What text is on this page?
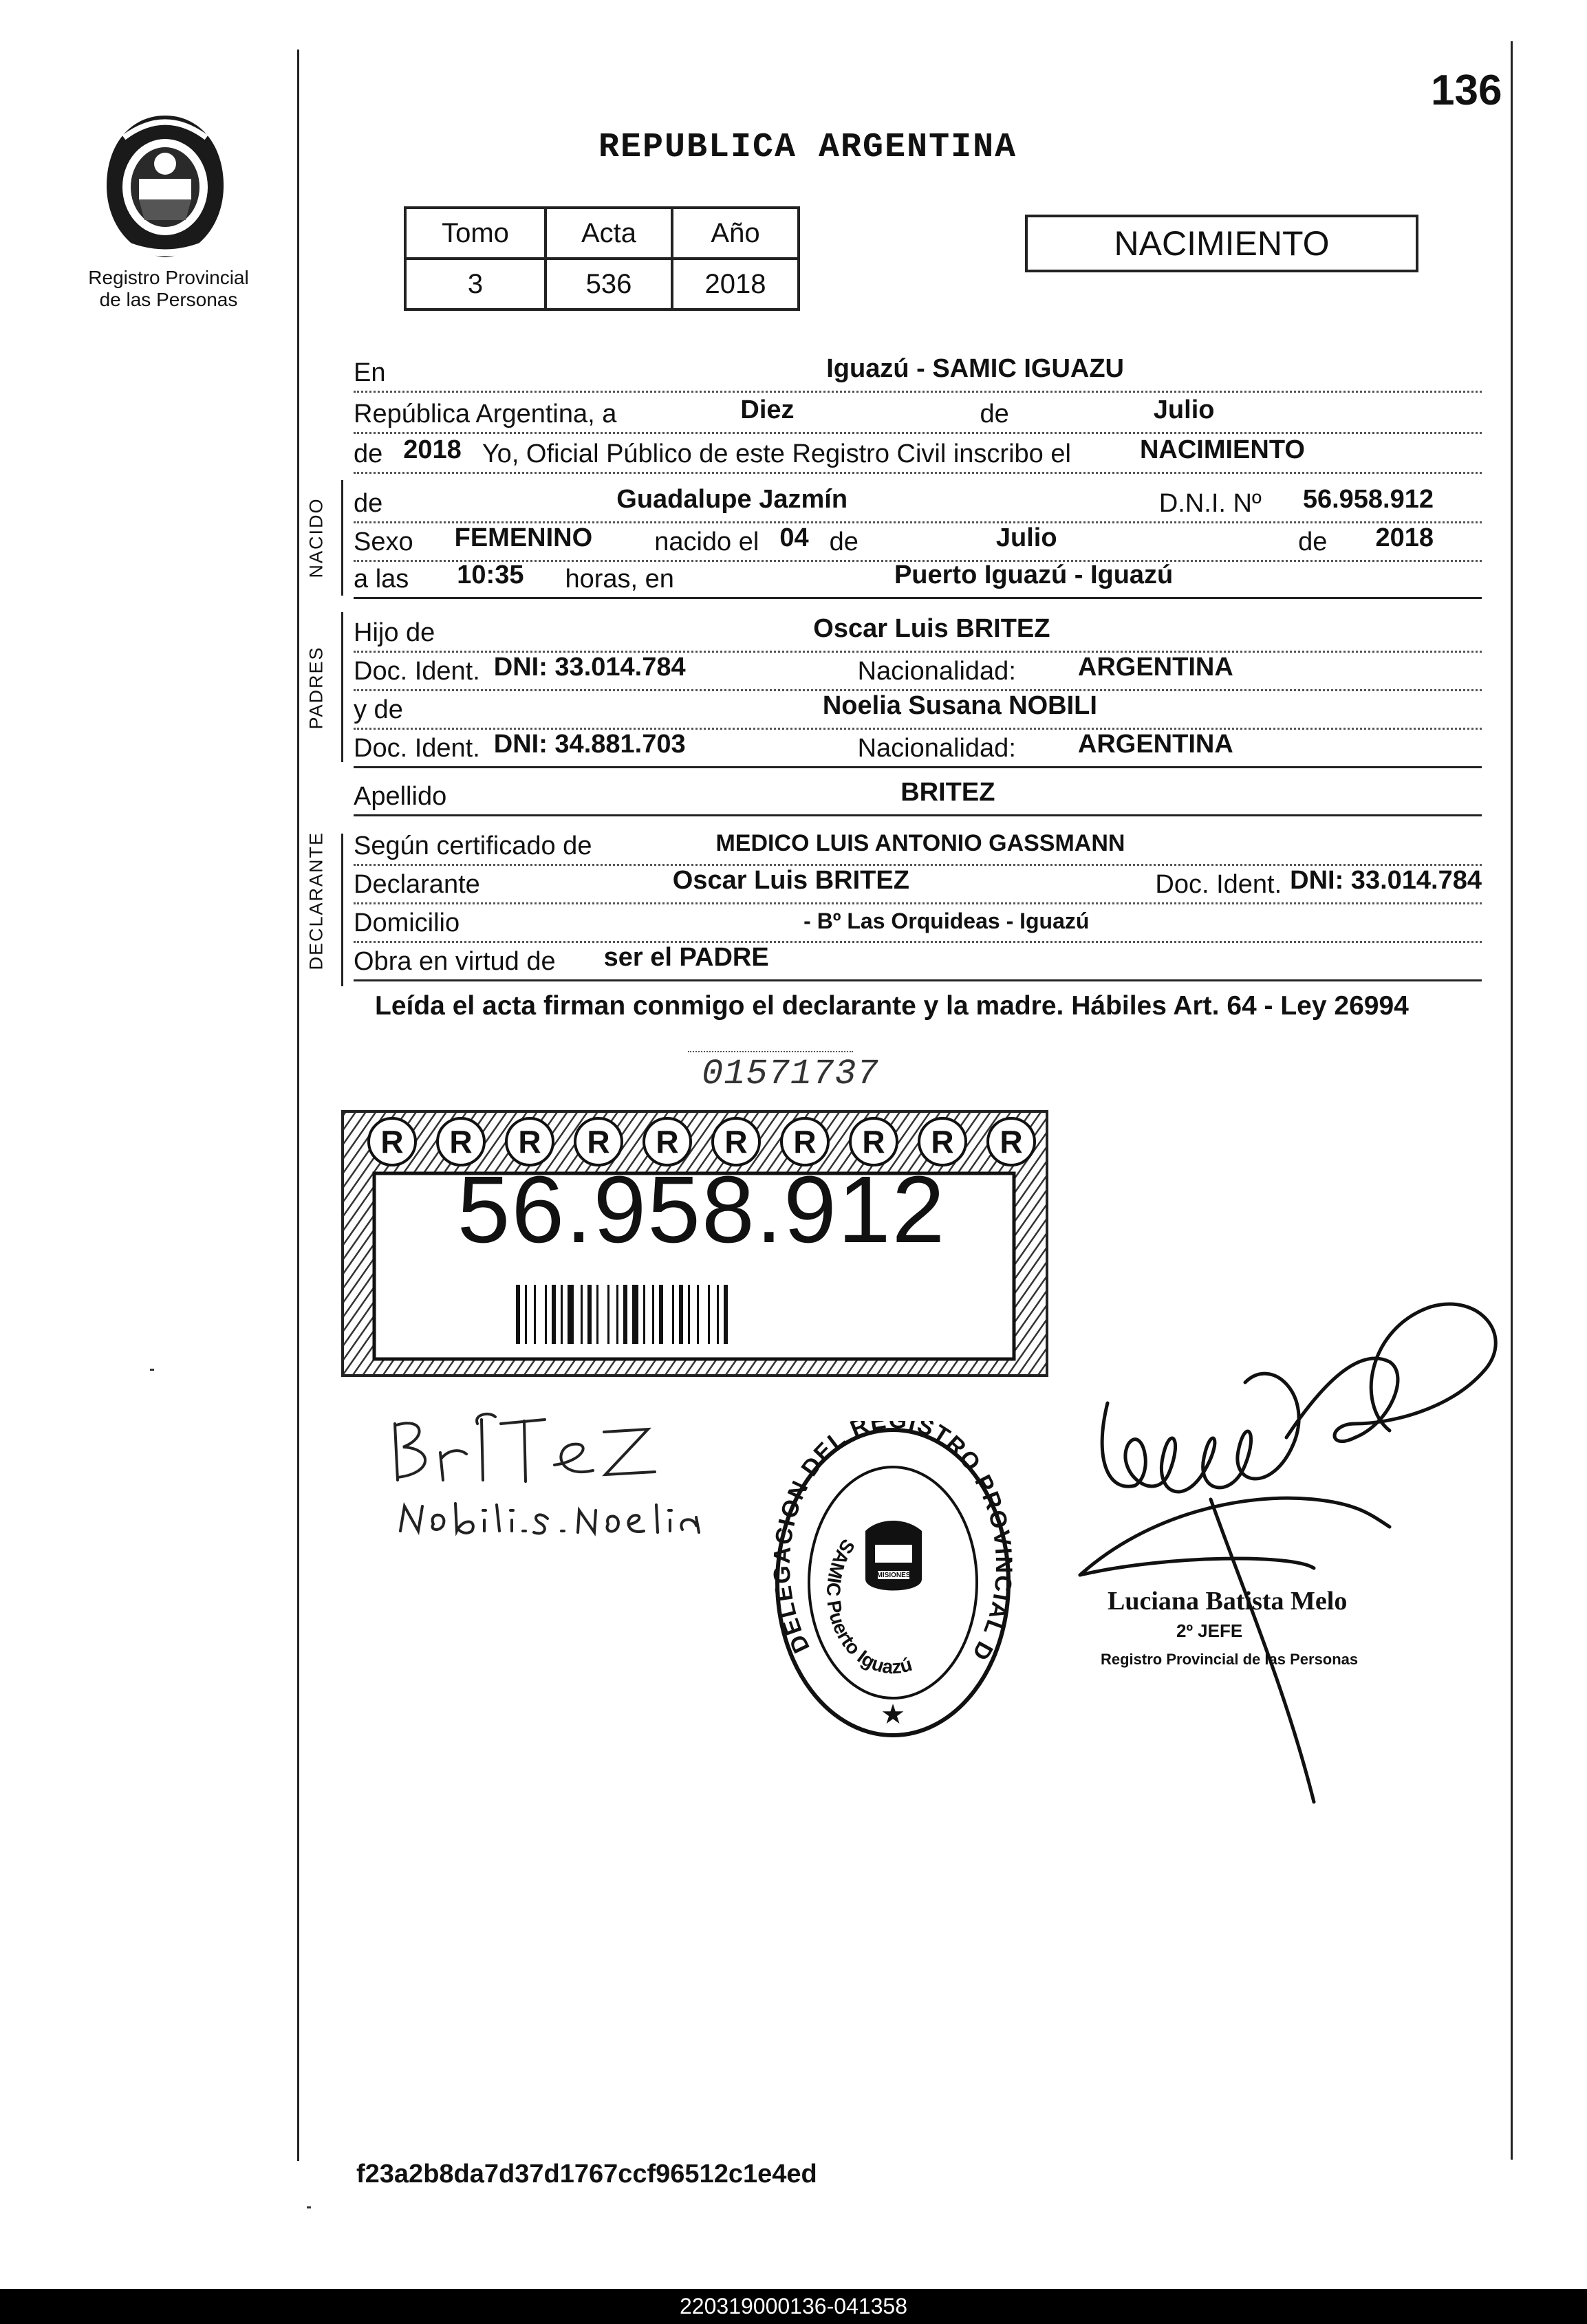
136
Registro Provincial
de las Personas
REPUBLICA ARGENTINA
Tomo	Acta	Año
3	536	2018
NACIMIENTO
En	Iguazú - SAMIC IGUAZU
República Argentina, a	Diez	de	Julio
de 2018 Yo, Oficial Público de este Registro Civil inscribo el	NACIMIENTO
NACIDO de	Guadalupe Jazmín	D.N.I. Nº 56.958.912
Sexo FEMENINO nacido el 04 de	Julio	de 2018
a las 10:35 horas, en	Puerto Iguazú - Iguazú
PADRES
Hijo de	Oscar Luis BRITEZ
Doc. Ident. DNI: 33.014.784	Nacionalidad: ARGENTINA
y de	Noelia Susana NOBILI
Doc. Ident. DNI: 34.881.703	Nacionalidad: ARGENTINA
Apellido	BRITEZ
DECLARANTE Según certificado de	MEDICO LUIS ANTONIO GASSMANN
Declarante	Oscar Luis BRITEZ	Doc. Ident. DNI: 33.014.784
Domicilio	- Bº Las Orquideas - Iguazú
Obra en virtud de ser el PADRE
Leída el acta firman conmigo el declarante y la madre. Hábiles Art. 64 - Ley 26994
01571737
R R R R R R R R R R
56.958.912
DELEGACION DEL RE ISTRO PROVINCIAL D
SAMIC Puerto Iguazú
MISIONES
★
Luciana Batista Melo
2º JEFE
Registro Provincial de las Personas
f23a2b8da7d37d1767ccf96512c1e4ed
220319000136-041358
